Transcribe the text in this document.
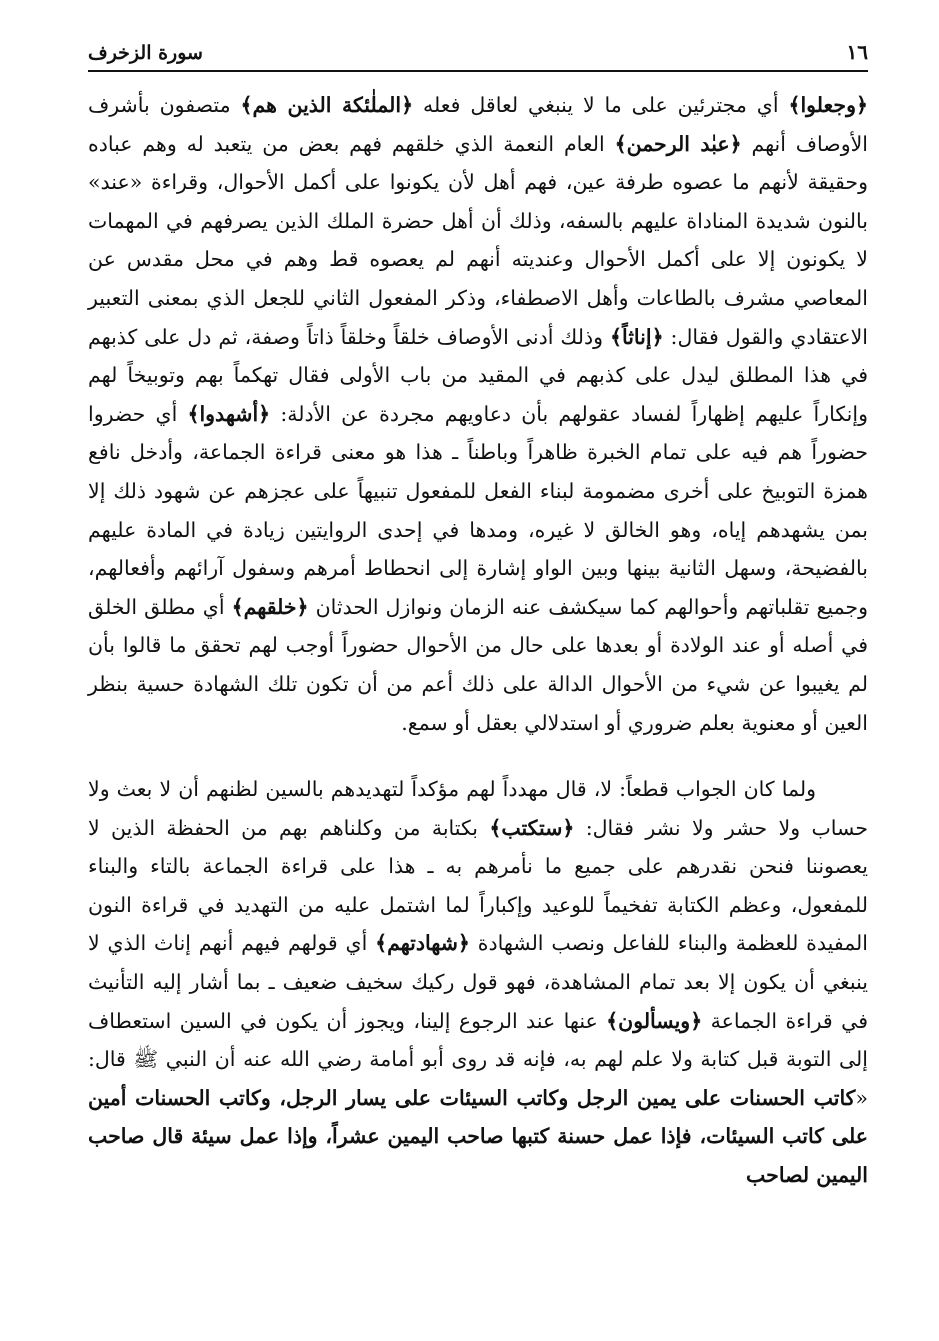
١٦
سورة الزخرف

﴿وجعلوا﴾ أي مجترئين على ما لا ينبغي لعاقل فعله ﴿الملٰئكة الذين هم﴾ متصفون بأشرف الأوصاف أنهم ﴿عبٰد الرحمن﴾ العام النعمة الذي خلقهم فهم بعض من يتعبد له وهم عباده وحقيقة لأنهم ما عصوه طرفة عين، فهم أهل لأن يكونوا على أكمل الأحوال، وقراءة «عند» بالنون شديدة المناداة عليهم بالسفه، وذلك أن أهل حضرة الملك الذين يصرفهم في المهمات لا يكونون إلا على أكمل الأحوال وعنديته أنهم لم يعصوه قط وهم في محل مقدس عن المعاصي مشرف بالطاعات وأهل الاصطفاء، وذكر المفعول الثاني للجعل الذي بمعنى التعبير الاعتقادي والقول فقال: ﴿إناثاً﴾ وذلك أدنى الأوصاف خلقاً وخلقاً ذاتاً وصفة، ثم دل على كذبهم في هذا المطلق ليدل على كذبهم في المقيد من باب الأولى فقال تهكماً بهم وتوبيخاً لهم وإنكاراً عليهم إظهاراً لفساد عقولهم بأن دعاويهم مجردة عن الأدلة: ﴿أشهدوا﴾ أي حضروا حضوراً هم فيه على تمام الخبرة ظاهراً وباطناً ـ هذا هو معنى قراءة الجماعة، وأدخل نافع همزة التوبيخ على أخرى مضمومة لبناء الفعل للمفعول تنبيهاً على عجزهم عن شهود ذلك إلا بمن يشهدهم إياه، وهو الخالق لا غيره، ومدها في إحدى الروايتين زيادة في المادة عليهم بالفضيحة، وسهل الثانية بينها وبين الواو إشارة إلى انحطاط أمرهم وسفول آرائهم وأفعالهم، وجميع تقلباتهم وأحوالهم كما سيكشف عنه الزمان ونوازل الحدثان ﴿خلقهم﴾ أي مطلق الخلق في أصله أو عند الولادة أو بعدها على حال من الأحوال حضوراً أوجب لهم تحقق ما قالوا بأن لم يغيبوا عن شيء من الأحوال الدالة على ذلك أعم من أن تكون تلك الشهادة حسية بنظر العين أو معنوية بعلم ضروري أو استدلالي بعقل أو سمع.

ولما كان الجواب قطعاً: لا، قال مهدداً لهم مؤكداً لتهديدهم بالسين لظنهم أن لا بعث ولا حساب ولا حشر ولا نشر فقال: ﴿ستكتب﴾ بكتابة من وكلناهم بهم من الحفظة الذين لا يعصوننا فنحن نقدرهم على جميع ما نأمرهم به ـ هذا على قراءة الجماعة بالتاء والبناء للمفعول، وعظم الكتابة تفخيماً للوعيد وإكباراً لما اشتمل عليه من التهديد في قراءة النون المفيدة للعظمة والبناء للفاعل ونصب الشهادة ﴿شهادتهم﴾ أي قولهم فيهم أنهم إناث الذي لا ينبغي أن يكون إلا بعد تمام المشاهدة، فهو قول ركيك سخيف ضعيف ـ بما أشار إليه التأنيث في قراءة الجماعة ﴿ويسألون﴾ عنها عند الرجوع إلينا، ويجوز أن يكون في السين استعطاف إلى التوبة قبل كتابة ولا علم لهم به، فإنه قد روى أبو أمامة رضي الله عنه أن النبي ﷺ قال: «كاتب الحسنات على يمين الرجل وكاتب السيئات على يسار الرجل، وكاتب الحسنات أمين على كاتب السيئات، فإذا عمل حسنة كتبها صاحب اليمين عشراً، وإذا عمل سيئة قال صاحب اليمين لصاحب
